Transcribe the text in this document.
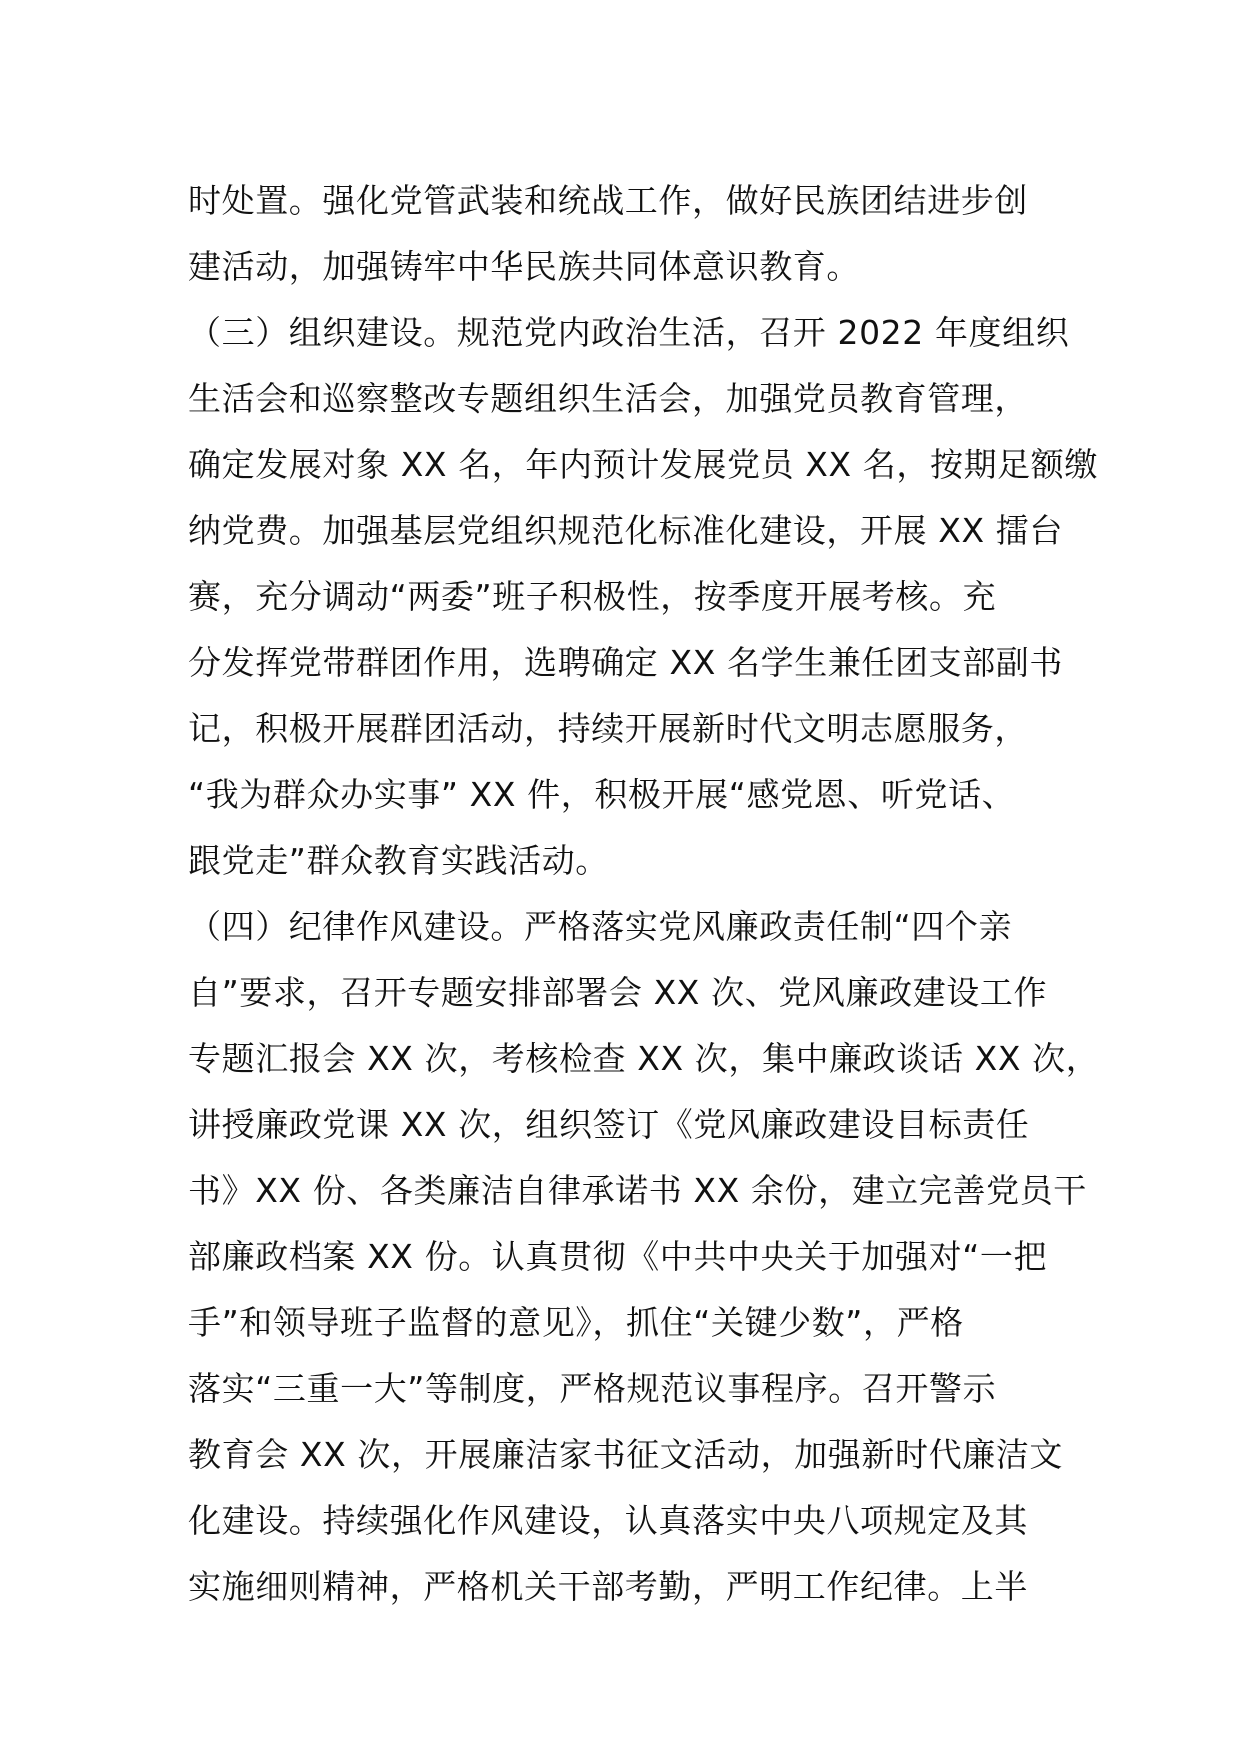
时处置。强化党管武装和统战工作，做好民族团结进步创
建活动，加强铸牢中华民族共同体意识教育。
（三）组织建设。规范党内政治生活，召开 2022 年度组织
生活会和巡察整改专题组织生活会，加强党员教育管理，
确定发展对象 XX 名，年内预计发展党员 XX 名，按期足额缴
纳党费。加强基层党组织规范化标准化建设，开展 XX 擂台
赛，充分调动“两委”班子积极性，按季度开展考核。充
分发挥党带群团作用，选聘确定 XX 名学生兼任团支部副书
记，积极开展群团活动，持续开展新时代文明志愿服务，
“我为群众办实事” XX 件，积极开展“感党恩、听党话、
跟党走”群众教育实践活动。
（四）纪律作风建设。严格落实党风廉政责任制“四个亲
自”要求，召开专题安排部署会 XX 次、党风廉政建设工作
专题汇报会 XX 次，考核检查 XX 次，集中廉政谈话 XX 次，
讲授廉政党课 XX 次，组织签订《党风廉政建设目标责任
书》XX 份、各类廉洁自律承诺书 XX 余份，建立完善党员干
部廉政档案 XX 份。认真贯彻《中共中央关于加强对“一把
手”和领导班子监督的意见》，抓住“关键少数”，严格
落实“三重一大”等制度，严格规范议事程序。召开警示
教育会 XX 次，开展廉洁家书征文活动，加强新时代廉洁文
化建设。持续强化作风建设，认真落实中央八项规定及其
实施细则精神，严格机关干部考勤，严明工作纪律。上半
